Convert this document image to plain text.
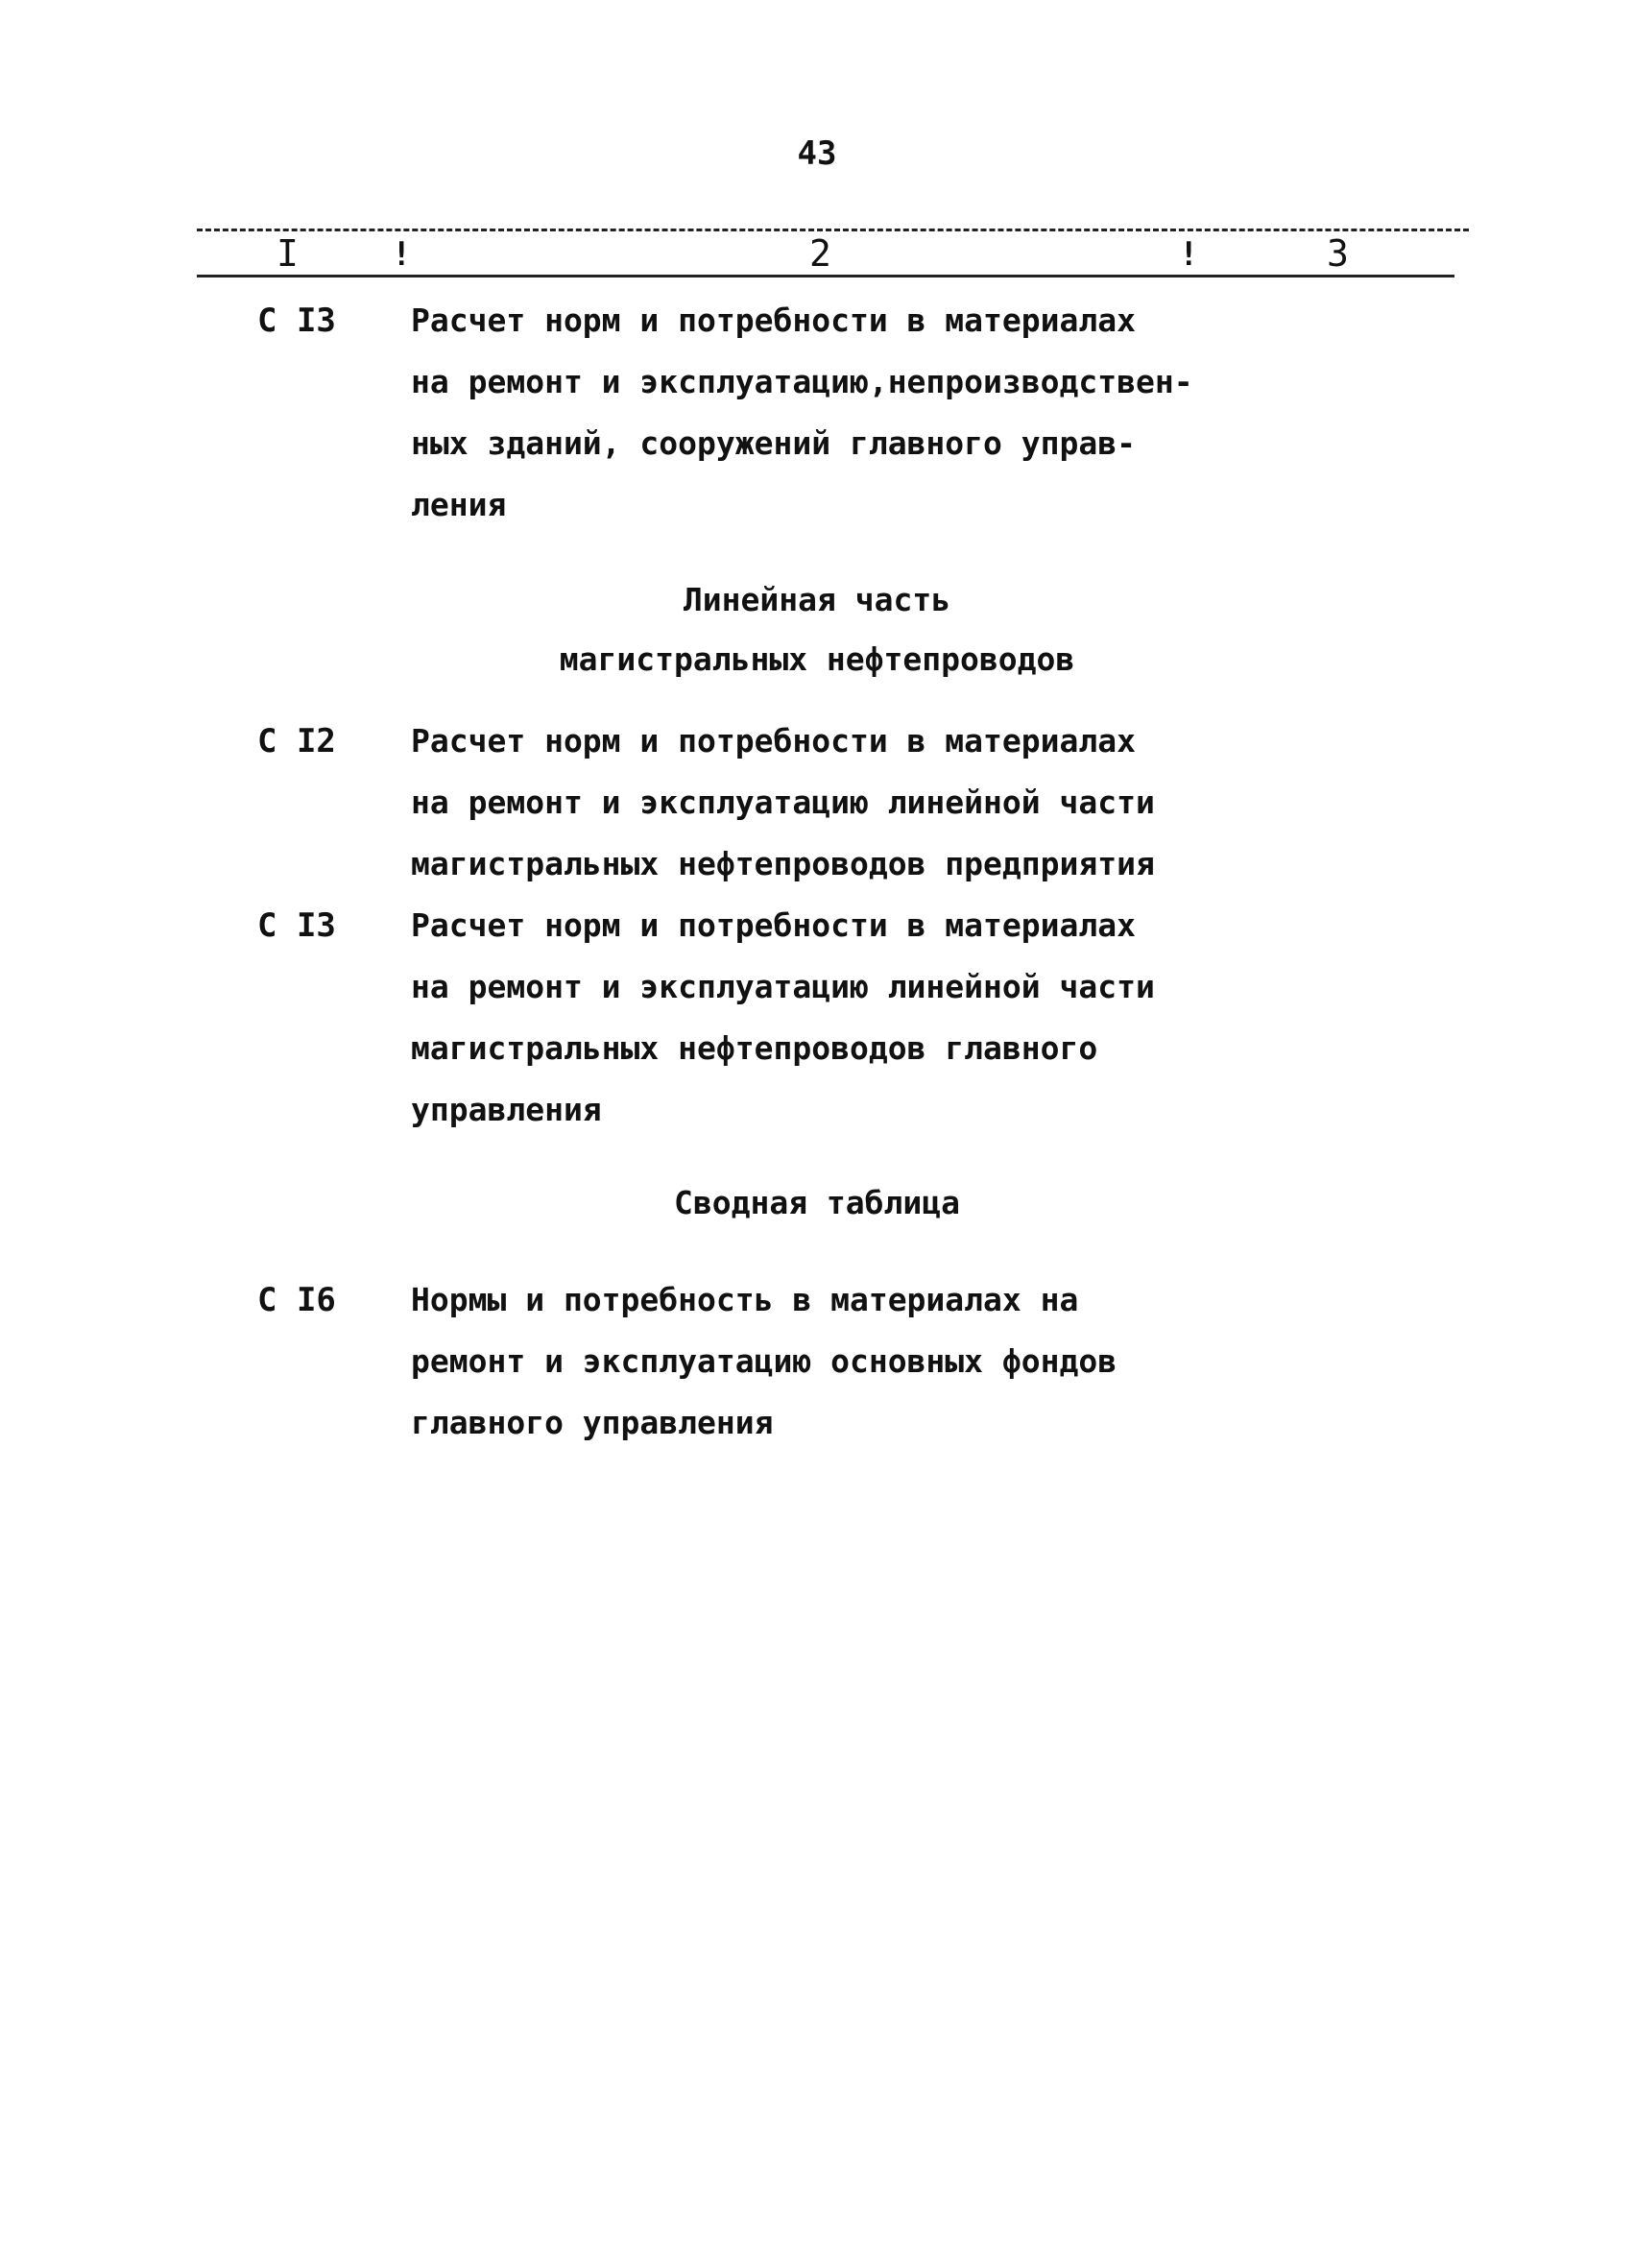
43
I	!	2	!	3
С I3 Расчет норм и потребности в материалах
на ремонт и эксплуатацию,непроизводствен-
ных зданий, сооружений главного управ-
ления
Линейная часть
магистральных нефтепроводов
С I2 Расчет норм и потребности в материалах
на ремонт и эксплуатацию линейной части
магистральных нефтепроводов предприятия
С I3 Расчет норм и потребности в материалах
на ремонт и эксплуатацию линейной части
магистральных нефтепроводов главного
управления
Сводная таблица
С I6 Нормы и потребность в материалах на
ремонт и эксплуатацию основных фондов
главного управления
